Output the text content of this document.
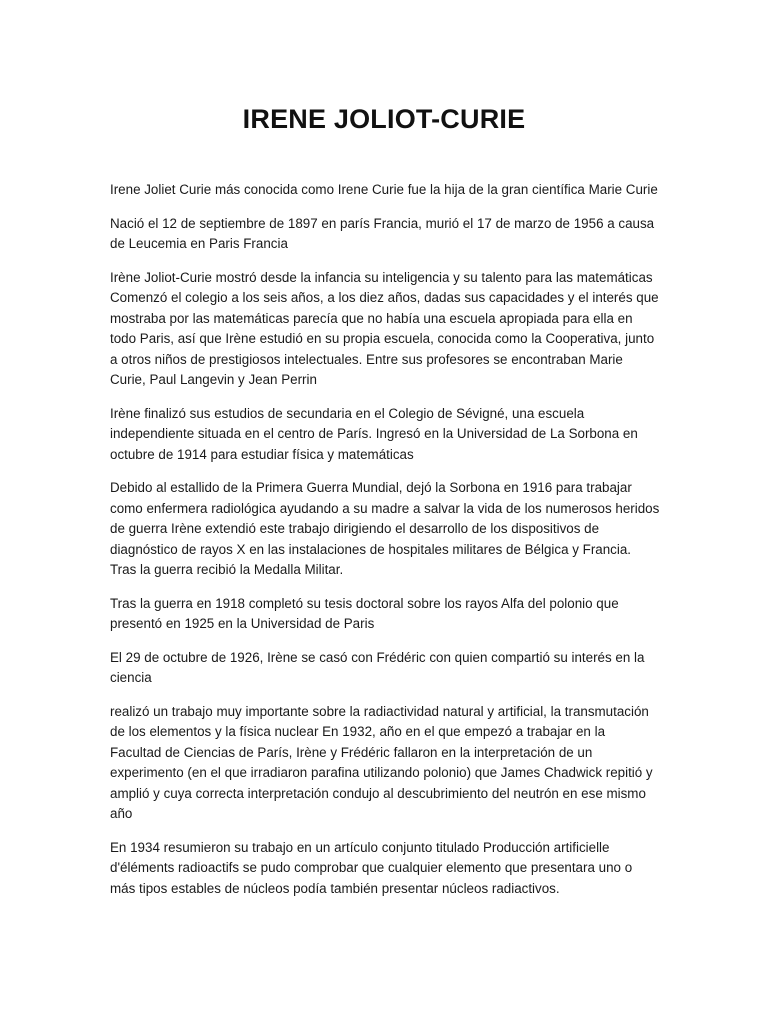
IRENE JOLIOT-CURIE

Irene Joliet Curie más conocida como Irene Curie fue la hija de la gran científica Marie Curie

Nació el 12 de septiembre de 1897 en parís Francia, murió el 17 de marzo de 1956 a causa de Leucemia en Paris Francia

Irène Joliot-Curie mostró desde la infancia su inteligencia y su talento para las matemáticas Comenzó el colegio a los seis años, a los diez años, dadas sus capacidades y el interés que mostraba por las matemáticas parecía que no había una escuela apropiada para ella en todo Paris, así que Irène estudió en su propia escuela, conocida como la Cooperativa, junto a otros niños de prestigiosos intelectuales. Entre sus profesores se encontraban Marie Curie, Paul Langevin y Jean Perrin

Irène finalizó sus estudios de secundaria en el Colegio de Sévigné, una escuela independiente situada en el centro de París. Ingresó en la Universidad de La Sorbona en octubre de 1914 para estudiar física y matemáticas

Debido al estallido de la Primera Guerra Mundial, dejó la Sorbona en 1916 para trabajar como enfermera radiológica ayudando a su madre a salvar la vida de los numerosos heridos de guerra Irène extendió este trabajo dirigiendo el desarrollo de los dispositivos de diagnóstico de rayos X en las instalaciones de hospitales militares de Bélgica y Francia. Tras la guerra recibió la Medalla Militar.

Tras la guerra en 1918 completó su tesis doctoral sobre los rayos Alfa del polonio que presentó en 1925 en la Universidad de Paris

El 29 de octubre de 1926, Irène se casó con Frédéric con quien compartió su interés en la ciencia

realizó un trabajo muy importante sobre la radiactividad natural y artificial, la transmutación de los elementos y la física nuclear En 1932, año en el que empezó a trabajar en la Facultad de Ciencias de París, Irène y Frédéric fallaron en la interpretación de un experimento (en el que irradiaron parafina utilizando polonio) que James Chadwick repitió y amplió y cuya correcta interpretación condujo al descubrimiento del neutrón en ese mismo año

En 1934 resumieron su trabajo en un artículo conjunto titulado Producción artificielle d'éléments radioactifs se pudo comprobar que cualquier elemento que presentara uno o más tipos estables de núcleos podía también presentar núcleos radiactivos.
